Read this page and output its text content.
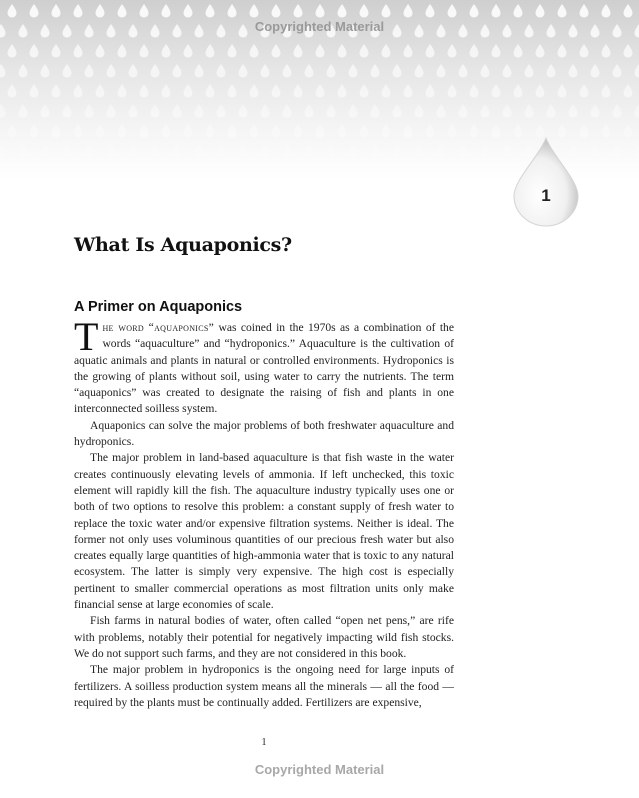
Copyrighted Material
1
What Is Aquaponics?
A Primer on Aquaponics

The word “aquaponics” was coined in the 1970s as a combination of the words “aquaculture” and “hydroponics.” Aquaculture is the cultivation of aquatic animals and plants in natural or controlled environments. Hydroponics is the growing of plants without soil, using water to carry the nutrients. The term “aquaponics” was created to designate the raising of fish and plants in one interconnected soilless system.

Aquaponics can solve the major problems of both freshwater aquaculture and hydroponics.

The major problem in land-based aquaculture is that fish waste in the water creates continuously elevating levels of ammonia. If left unchecked, this toxic element will rapidly kill the fish. The aquaculture industry typically uses one or both of two options to resolve this problem: a constant supply of fresh water to replace the toxic water and/or expensive filtration systems. Neither is ideal. The former not only uses voluminous quantities of our precious fresh water but also creates equally large quantities of high-ammonia water that is toxic to any natural ecosystem. The latter is simply very expensive. The high cost is especially pertinent to smaller commercial operations as most filtration units only make financial sense at large economies of scale.

Fish farms in natural bodies of water, often called “open net pens,” are rife with problems, notably their potential for negatively impacting wild fish stocks. We do not support such farms, and they are not considered in this book.

The major problem in hydroponics is the ongoing need for large inputs of fertilizers. A soilless production system means all the minerals — all the food — required by the plants must be continually added. Fertilizers are expensive,

1
Copyrighted Material
